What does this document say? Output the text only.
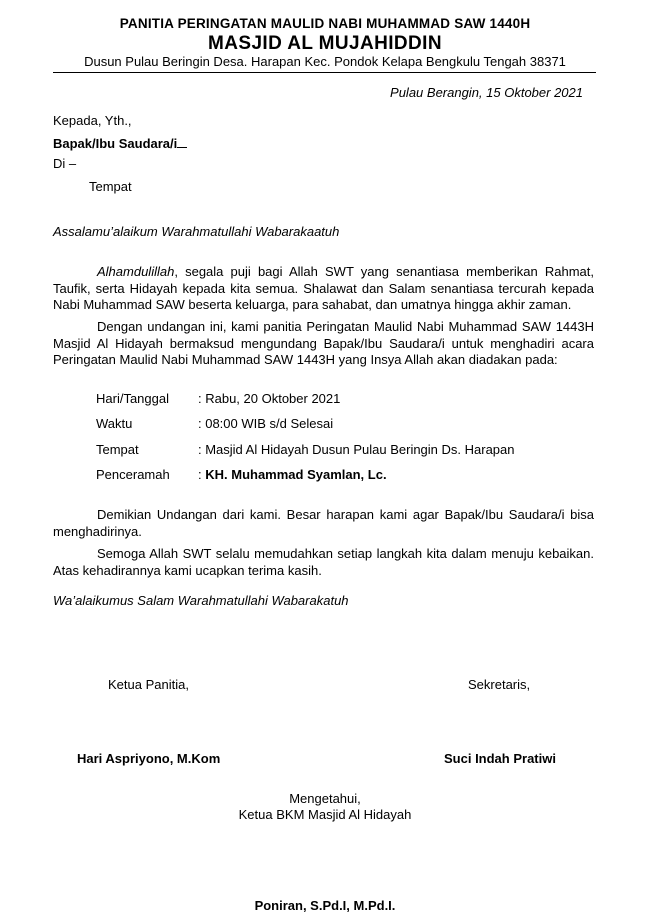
PANITIA PERINGATAN MAULID NABI MUHAMMAD SAW 1440H
MASJID AL MUJAHIDDIN
Dusun Pulau Beringin Desa. Harapan Kec. Pondok Kelapa Bengkulu Tengah 38371
Pulau Berangin, 15 Oktober 2021
Kepada, Yth.,
Bapak/Ibu Saudara/i
Di –
Tempat
Assalamu’alaikum Warahmatullahi Wabarakaatuh

Alhamdulillah, segala puji bagi Allah SWT yang senantiasa memberikan Rahmat, Taufik, serta Hidayah kepada kita semua. Shalawat dan Salam senantiasa tercurah kepada Nabi Muhammad SAW beserta keluarga, para sahabat, dan umatnya hingga akhir zaman.

Dengan undangan ini, kami panitia Peringatan Maulid Nabi Muhammad SAW 1443H Masjid Al Hidayah bermaksud mengundang Bapak/Ibu Saudara/i untuk menghadiri acara Peringatan Maulid Nabi Muhammad SAW 1443H yang Insya Allah akan diadakan pada:

Hari/Tanggal : Rabu, 20 Oktober 2021
Waktu	: 08:00 WIB s/d Selesai
Tempat	: Masjid Al Hidayah Dusun Pulau Beringin Ds. Harapan
Penceramah : KH. Muhammad Syamlan, Lc.

Demikian Undangan dari kami. Besar harapan kami agar Bapak/Ibu Saudara/i bisa menghadirinya.

Semoga Allah SWT selalu memudahkan setiap langkah kita dalam menuju kebaikan. Atas kehadirannya kami ucapkan terima kasih.

Wa’alaikumus Salam Warahmatullahi Wabarakatuh
Ketua Panitia,	Sekretaris,
Hari Aspriyono, M.Kom	Suci Indah Pratiwi
Mengetahui,
Ketua BKM Masjid Al Hidayah
Poniran, S.Pd.I, M.Pd.I.
